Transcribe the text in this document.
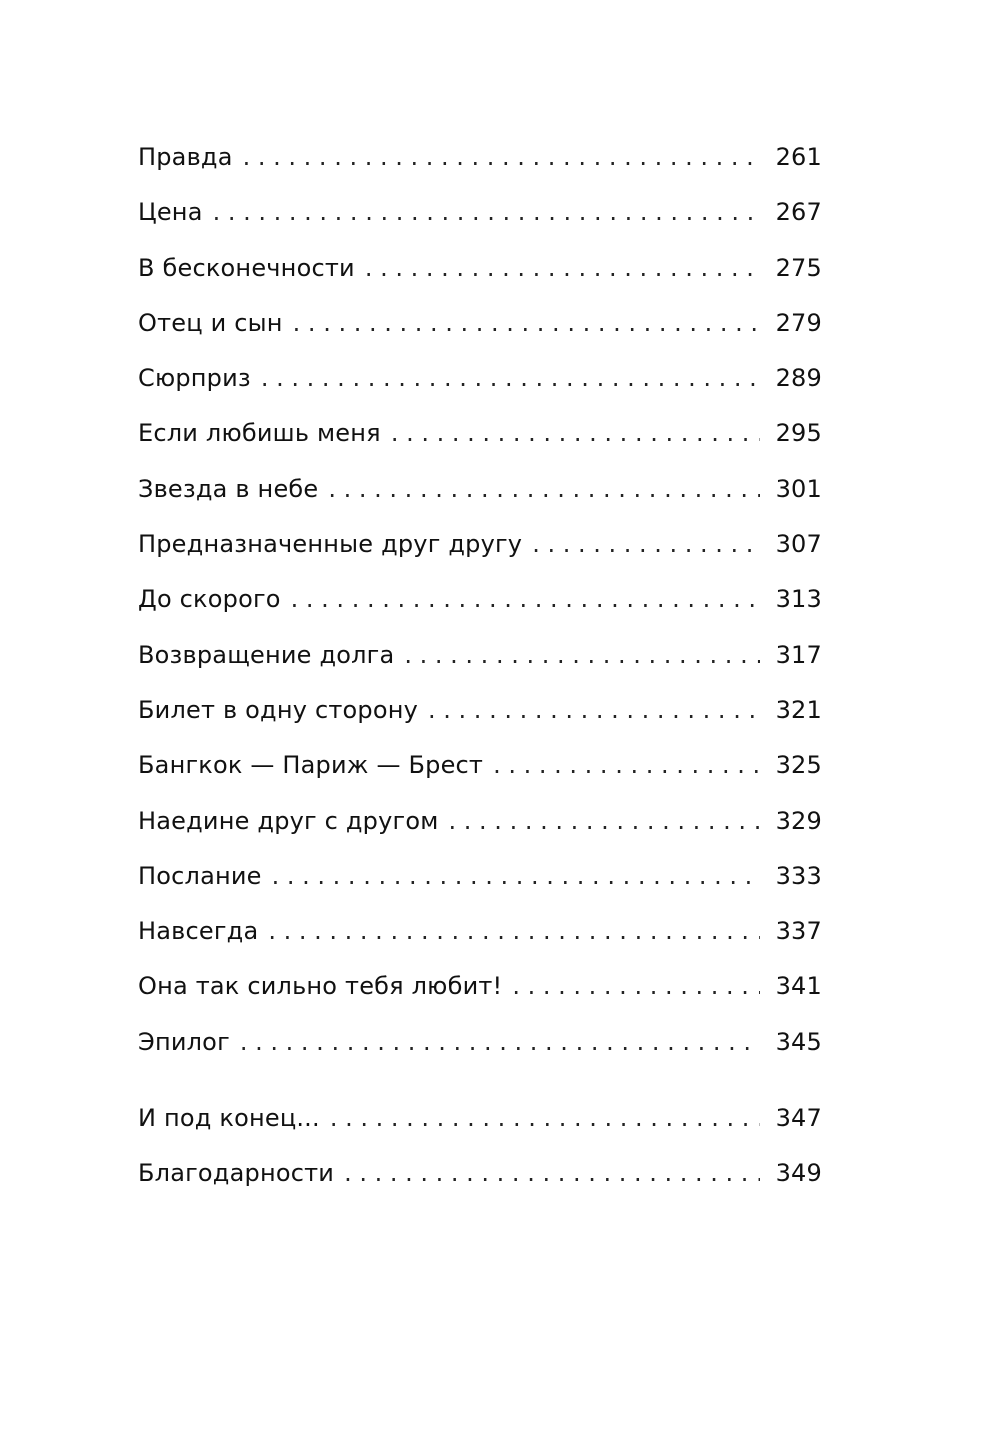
Правда . . .	261
Цена . . .	267
В бесконечности . . .	275
Отец и сын . . .	279
Сюрприз . . .	289
Если любишь меня . . .	295
Звезда в небе . . .	301
Предназначенные друг другу . . .	307
До скорого . . .	313
Возвращение долга . . .	317
Билет в одну сторону . . .	321
Бангкок — Париж — Брест . . .	325
Наедине друг с другом . . .	329
Послание . . .	333
Навсегда . . .	337
Она так сильно тебя любит! . . .	341
Эпилог . . .	345
И под конец... . . .	347
Благодарности . . .	349
